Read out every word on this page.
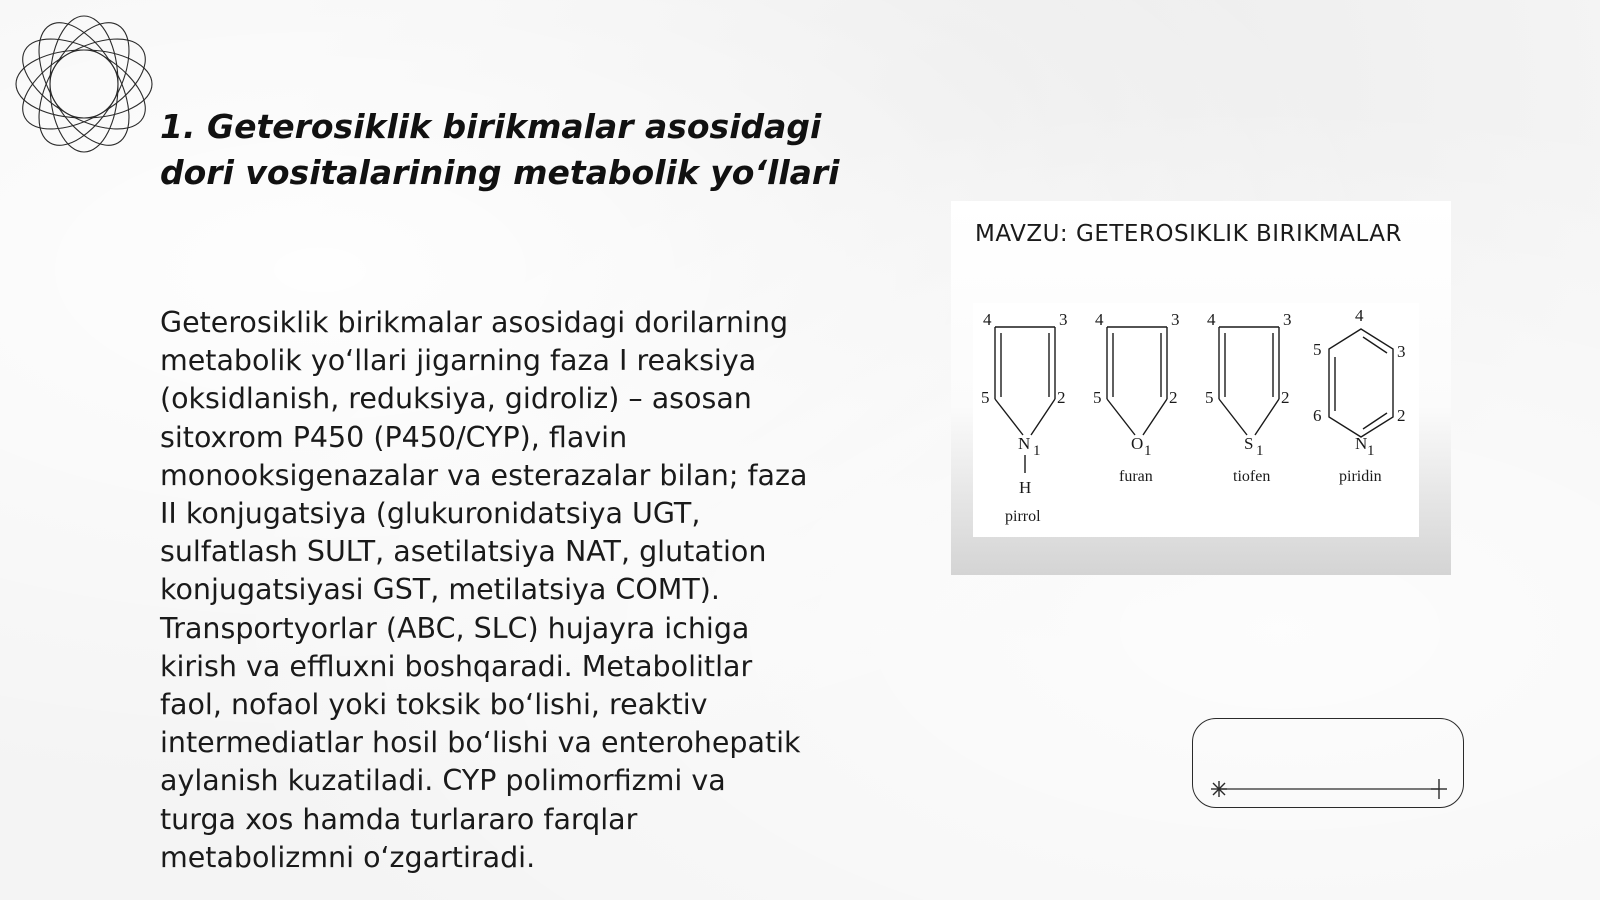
1. Geterosiklik birikmalar asosidagi
dori vositalarining metabolik yo‘llari

Geterosiklik birikmalar asosidagi dorilarning
metabolik yo‘llari jigarning faza I reaksiya
(oksidlanish, reduksiya, gidroliz) – asosan
sitoxrom P450 (P450/CYP), flavin
monooksigenazalar va esterazalar bilan; faza
II konjugatsiya (glukuronidatsiya UGT,
sulfatlash SULT, asetilatsiya NAT, glutation
konjugatsiyasi GST, metilatsiya COMT).
Transportyorlar (ABC, SLC) hujayra ichiga
kirish va effluxni boshqaradi. Metabolitlar
faol, nofaol yoki toksik bo‘lishi, reaktiv
intermediatlar hosil bo‘lishi va enterohepatik
aylanish kuzatiladi. CYP polimorfizmi va
turga xos hamda turlararo farqlar
metabolizmni o‘zgartiradi.

MAVZU: GETEROSIKLIK BIRIKMALAR

4	3
5	2
N 1
H
pirrol
4	3
5	2
O 1
furan
4	3
5	2
S 1
tiofen
4
5	3
6	2
N 1
piridin
